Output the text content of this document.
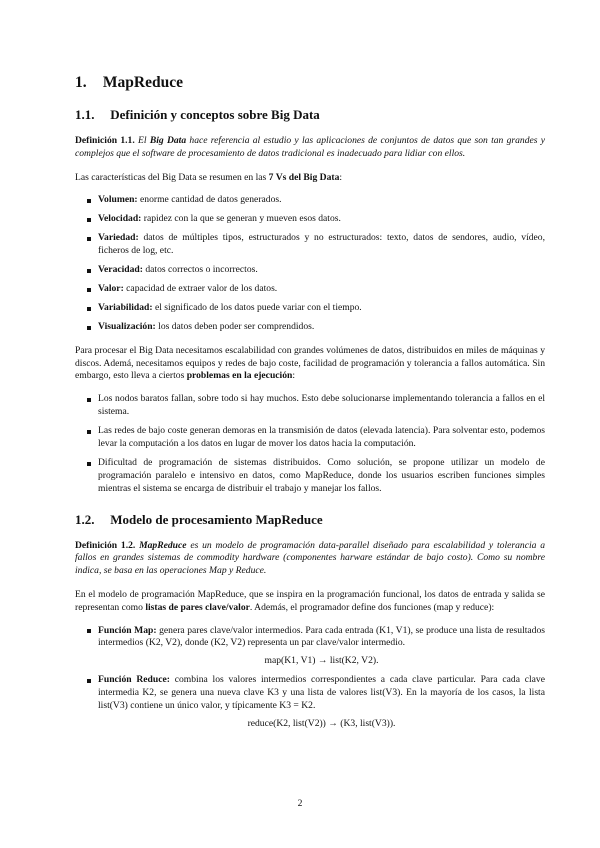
1. MapReduce
1.1. Definición y conceptos sobre Big Data

Definición 1.1. El Big Data hace referencia al estudio y las aplicaciones de conjuntos de datos que son tan grandes y complejos que el software de procesamiento de datos tradicional es inadecuado para lidiar con ellos.

Las características del Big Data se resumen en las 7 Vs del Big Data:

Volumen: enorme cantidad de datos generados.
Velocidad: rapidez con la que se generan y mueven esos datos.
Variedad: datos de múltiples tipos, estructurados y no estructurados: texto, datos de sendores, audio, vídeo, ficheros de log, etc.
Veracidad: datos correctos o incorrectos.
Valor: capacidad de extraer valor de los datos.
Variabilidad: el significado de los datos puede variar con el tiempo.
Visualización: los datos deben poder ser comprendidos.

Para procesar el Big Data necesitamos escalabilidad con grandes volúmenes de datos, distribuidos en miles de máquinas y discos. Ademá, necesitamos equipos y redes de bajo coste, facilidad de programación y tolerancia a fallos automática. Sin embargo, esto lleva a ciertos problemas en la ejecución:

Los nodos baratos fallan, sobre todo si hay muchos. Esto debe solucionarse implementando tolerancia a fallos en el sistema.
Las redes de bajo coste generan demoras en la transmisión de datos (elevada latencia). Para solventar esto, podemos levar la computación a los datos en lugar de mover los datos hacia la computación.
Dificultad de programación de sistemas distribuidos. Como solución, se propone utilizar un modelo de programación paralelo e intensivo en datos, como MapReduce, donde los usuarios escriben funciones simples mientras el sistema se encarga de distribuir el trabajo y manejar los fallos.
1.2. Modelo de procesamiento MapReduce

Definición 1.2. MapReduce es un modelo de programación data-parallel diseñado para escalabilidad y tolerancia a fallos en grandes sistemas de commodity hardware (componentes harware estándar de bajo costo). Como su nombre indica, se basa en las operaciones Map y Reduce.

En el modelo de programación MapReduce, que se inspira en la programación funcional, los datos de entrada y salida se representan como listas de pares clave/valor. Además, el programador define dos funciones (map y reduce):

Función Map: genera pares clave/valor intermedios. Para cada entrada (K1, V1), se produce una lista de resultados intermedios (K2, V2), donde (K2, V2) representa un par clave/valor intermedio.
map(K1, V1) → list(K2, V2).
Función Reduce: combina los valores intermedios correspondientes a cada clave particular. Para cada clave intermedia K2, se genera una nueva clave K3 y una lista de valores list(V3). En la mayoría de los casos, la lista list(V3) contiene un único valor, y típicamente K3 = K2.
reduce(K2, list(V2)) → (K3, list(V3)).
2
